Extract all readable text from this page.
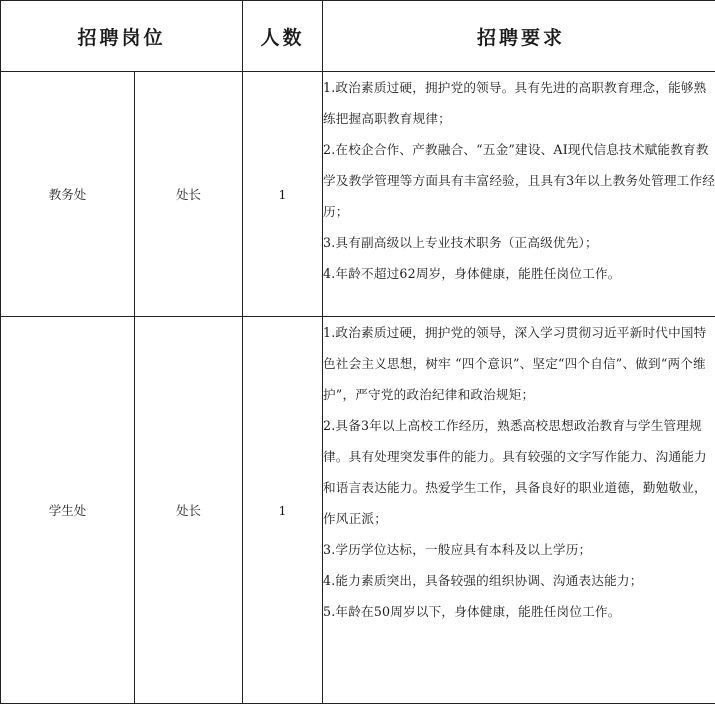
招聘岗位		人数	招聘要求
教务处	处长	1	1.政治素质过硬，拥护党的领导。具有先进的高职教育理念，能够熟练把握高职教育规律；
2.在校企合作、产教融合、“五金”建设、AI现代信息技术赋能教育教学及教学管理等方面具有丰富经验，且具有3年以上教务处管理工作经历；
3.具有副高级以上专业技术职务（正高级优先）；
4.年龄不超过62周岁，身体健康，能胜任岗位工作。

学生处	处长	1	1.政治素质过硬，拥护党的领导，深入学习贯彻习近平新时代中国特色社会主义思想，树牢 “四个意识”、坚定“四个自信”、做到“两个维护”，严守党的政治纪律和政治规矩；
2.具备3年以上高校工作经历，熟悉高校思想政治教育与学生管理规律。具有处理突发事件的能力。具有较强的文字写作能力、沟通能力和语言表达能力。热爱学生工作，具备良好的职业道德，勤勉敬业，作风正派；
3.学历学位达标，一般应具有本科及以上学历；
4.能力素质突出，具备较强的组织协调、沟通表达能力；
5.年龄在50周岁以下，身体健康，能胜任岗位工作。
